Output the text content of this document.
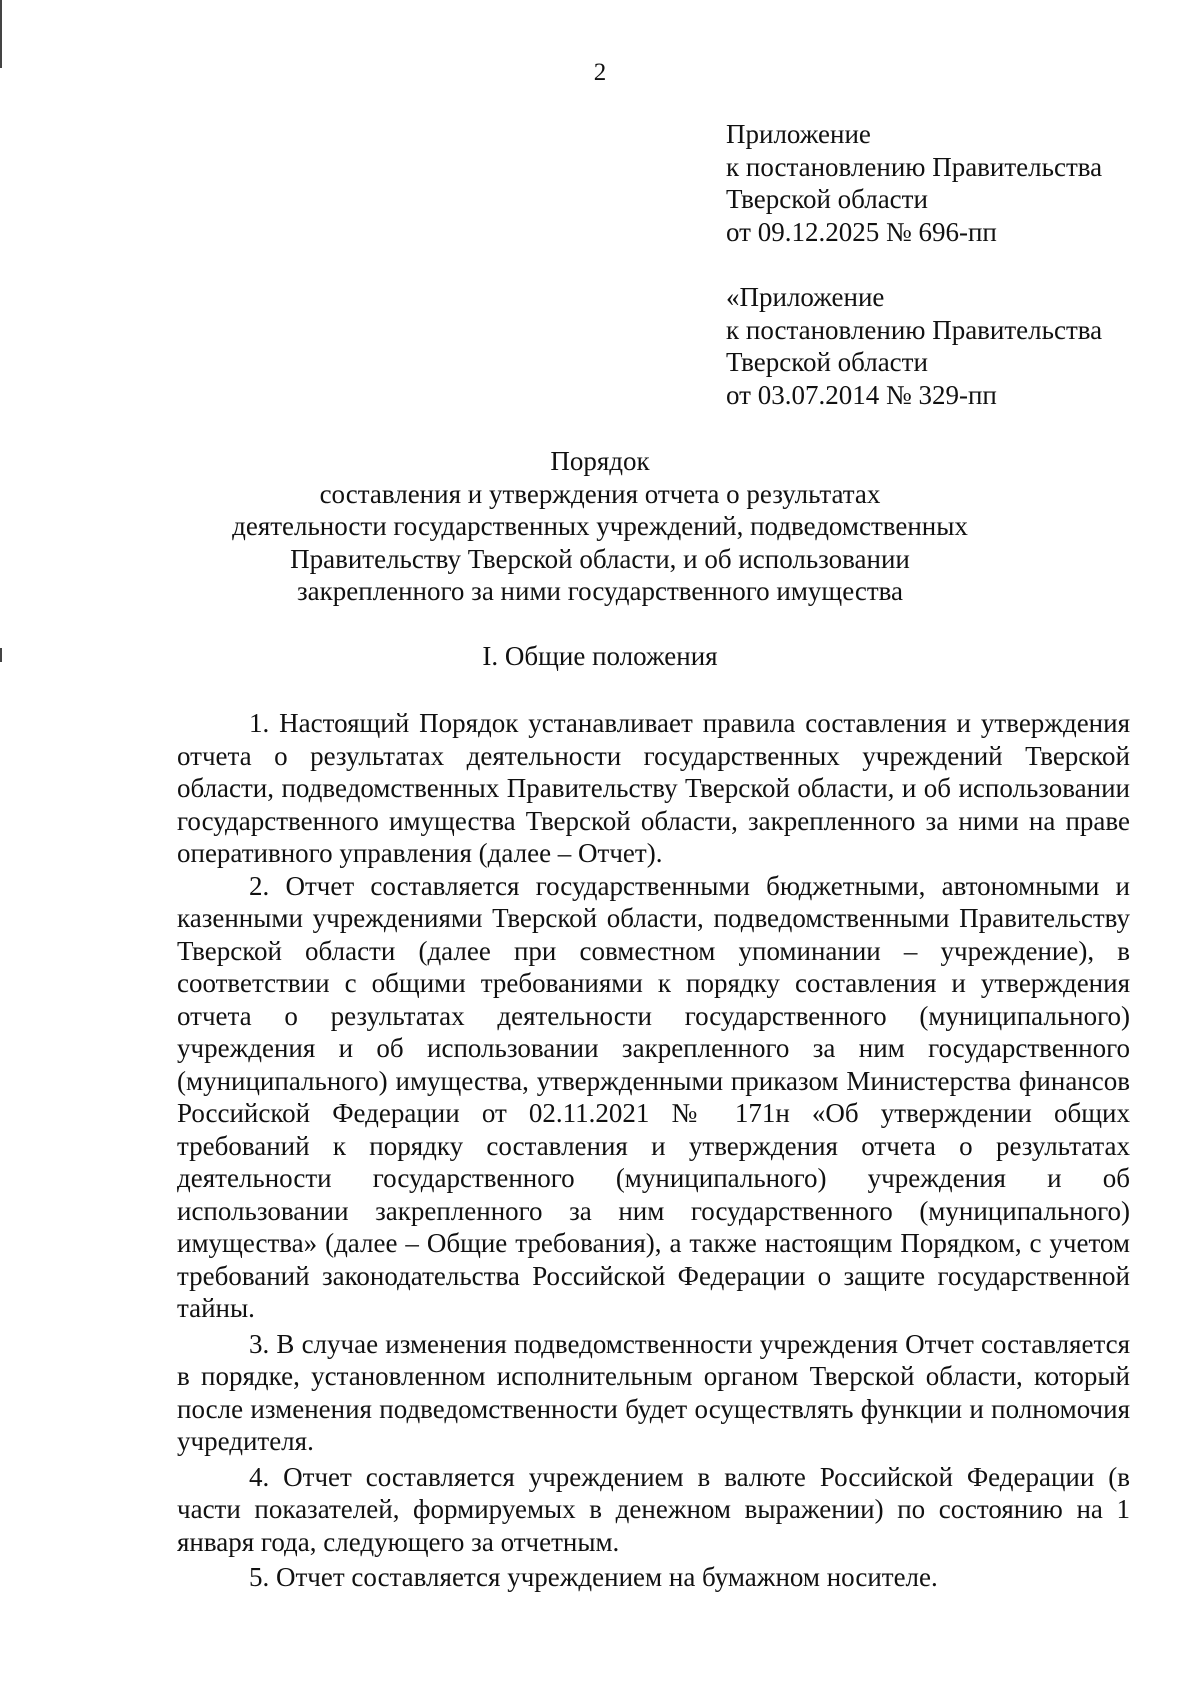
2
Приложение
к постановлению Правительства
Тверской области
от 09.12.2025 № 696-пп
«Приложение
к постановлению Правительства
Тверской области
от 03.07.2014 № 329-пп
Порядок
составления и утверждения отчета о результатах
деятельности государственных учреждений, подведомственных
Правительству Тверской области, и об использовании
закрепленного за ними государственного имущества
I. Общие положения

1. Настоящий Порядок устанавливает правила составления и утверждения отчета о результатах деятельности государственных учреждений Тверской области, подведомственных Правительству Тверской области, и об использовании государственного имущества Тверской области, закрепленного за ними на праве оперативного управления (далее – Отчет).

2. Отчет составляется государственными бюджетными, автономными и казенными учреждениями Тверской области, подведомственными Правительству Тверской области (далее при совместном упоминании – учреждение), в соответствии с общими требованиями к порядку составления и утверждения отчета о результатах деятельности государственного (муниципального) учреждения и об использовании закрепленного за ним государственного (муниципального) имущества, утвержденными приказом Министерства финансов Российской Федерации от 02.11.2021 № 171н «Об утверждении общих требований к порядку составления и утверждения отчета о результатах деятельности государственного (муниципального) учреждения и об использовании закрепленного за ним государственного (муниципального) имущества» (далее – Общие требования), а также настоящим Порядком, с учетом требований законодательства Российской Федерации о защите государственной тайны.

3. В случае изменения подведомственности учреждения Отчет составляется в порядке, установленном исполнительным органом Тверской области, который после изменения подведомственности будет осуществлять функции и полномочия учредителя.

4. Отчет составляется учреждением в валюте Российской Федерации (в части показателей, формируемых в денежном выражении) по состоянию на 1 января года, следующего за отчетным.

5. Отчет составляется учреждением на бумажном носителе.
